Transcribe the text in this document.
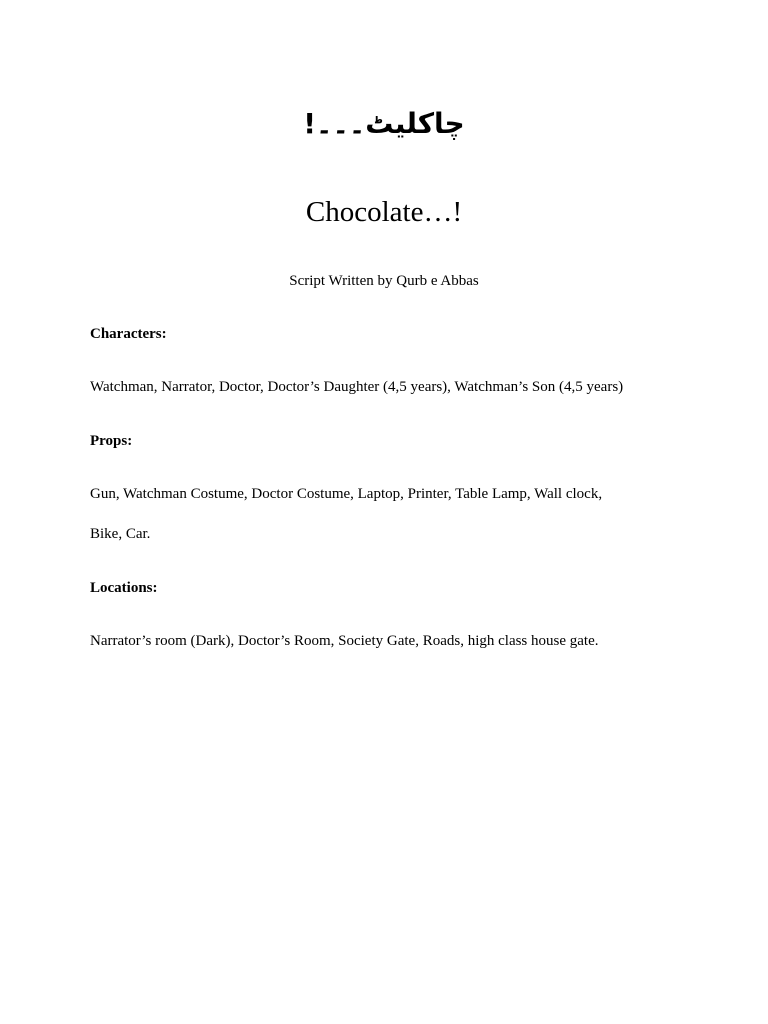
چاکلیٹ۔۔۔!
Chocolate…!
Script Written by Qurb e Abbas
Characters:
Watchman, Narrator, Doctor, Doctor’s Daughter (4,5 years), Watchman’s Son (4,5 years)
Props:
Gun, Watchman Costume, Doctor Costume, Laptop, Printer, Table Lamp, Wall clock,
Bike, Car.
Locations:
Narrator’s room (Dark), Doctor’s Room, Society Gate, Roads, high class house gate.
